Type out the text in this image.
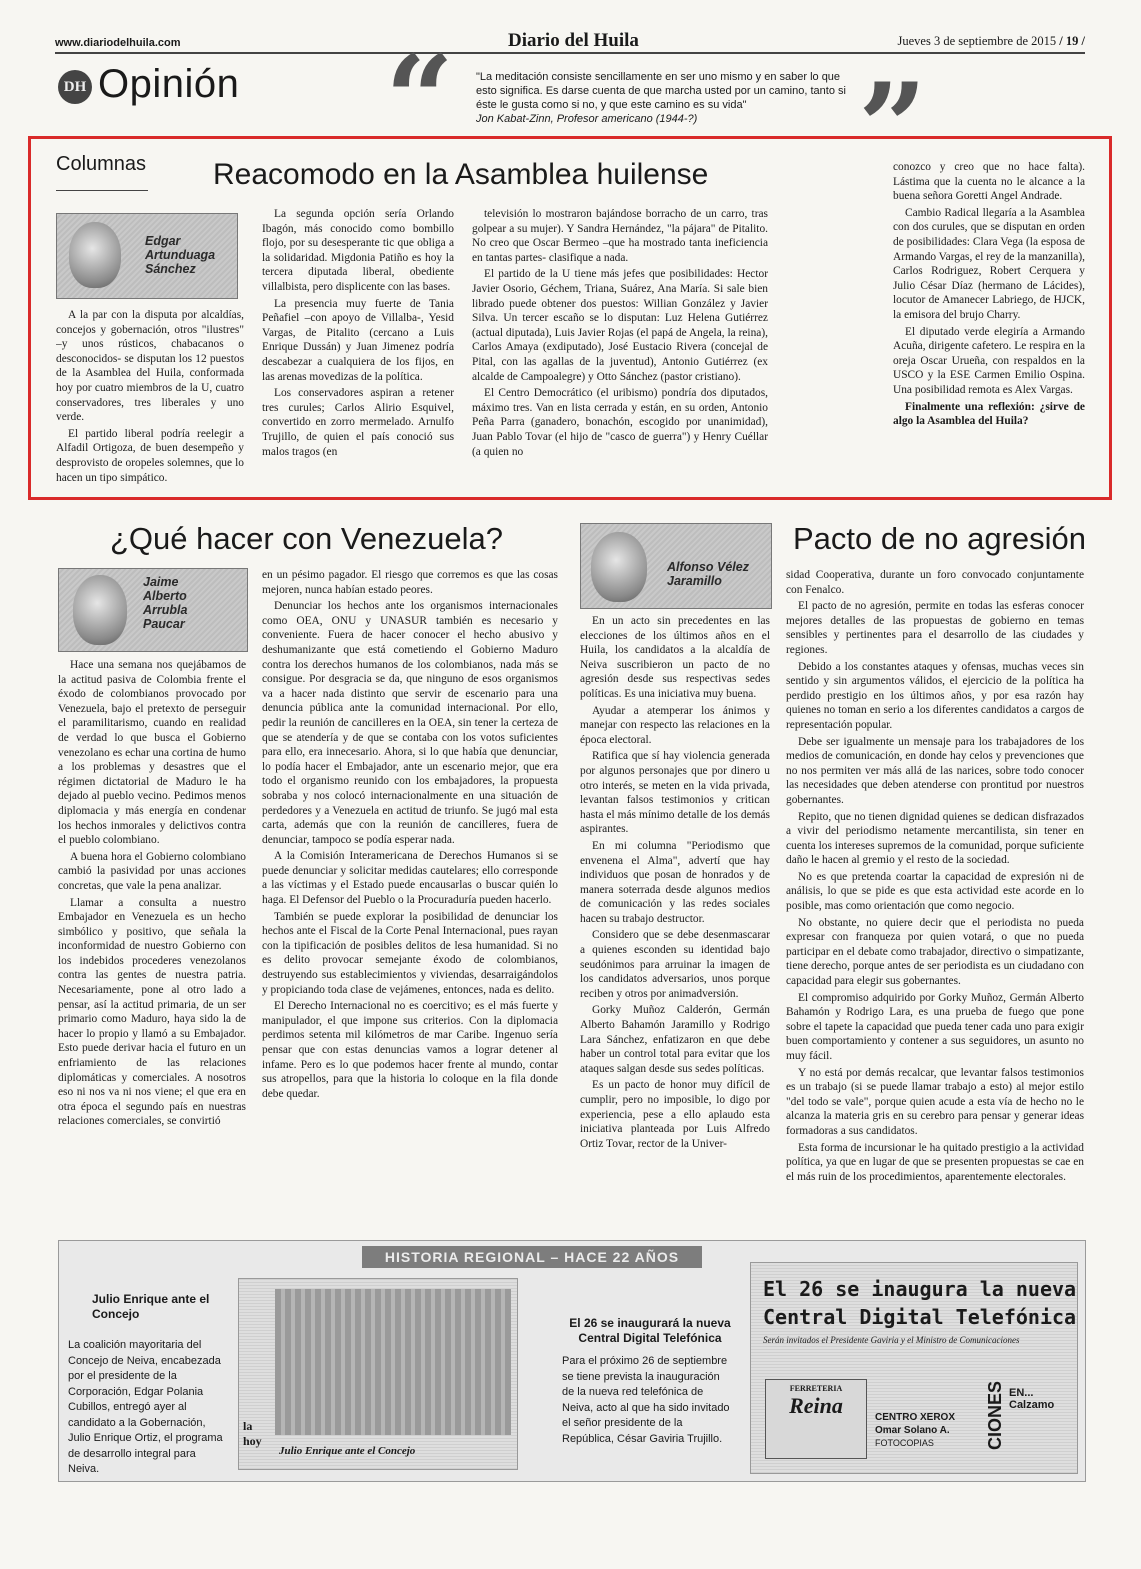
www.diariodelhuila.com	Diario del Huila	Jueves 3 de septiembre de 2015 / 19 /
DH Opinión “ "La meditación consiste sencillamente en ser uno mismo y en saber lo que esto significa. Es darse cuenta de que marcha usted por un camino, tanto si éste le gusta como si no, y que este camino es su vida"
Jon Kabat-Zinn, Profesor americano (1944-?)	”
Columnas Reacomodo en la Asamblea huilense
Edgar
Artunduaga
Sánchez

A la par con la disputa por alcaldías, concejos y gobernación, otros "ilustres" –y unos rústicos, chabacanos o desconocidos- se disputan los 12 puestos de la Asamblea del Huila, conformada hoy por cuatro miembros de la U, cuatro conservadores, tres liberales y uno verde.

El partido liberal podría reelegir a Alfadil Ortigoza, de buen desempeño y desprovisto de oropeles solemnes, que lo hacen un tipo simpático.

La segunda opción sería Orlando Ibagón, más conocido como bombillo flojo, por su desesperante tic que obliga a la solidaridad. Migdonia Patiño es hoy la tercera diputada liberal, obediente villalbista, pero displicente con las bases.

La presencia muy fuerte de Tania Peñafiel –con apoyo de Villalba-, Yesid Vargas, de Pitalito (cercano a Luis Enrique Dussán) y Juan Jimenez podría descabezar a cualquiera de los fijos, en las arenas movedizas de la política.

Los conservadores aspiran a retener tres curules; Carlos Alirio Esquivel, convertido en zorro mermelado. Arnulfo Trujillo, de quien el país conoció sus malos tragos (en

televisión lo mostraron bajándose borracho de un carro, tras golpear a su mujer). Y Sandra Hernández, "la pájara" de Pitalito. No creo que Oscar Bermeo –que ha mostrado tanta ineficiencia en tantas partes- clasifique a nada.

El partido de la U tiene más jefes que posibilidades: Hector Javier Osorio, Géchem, Triana, Suárez, Ana María. Si sale bien librado puede obtener dos puestos: Willian González y Javier Silva. Un tercer escaño se lo disputan: Luz Helena Gutiérrez (actual diputada), Luis Javier Rojas (el papá de Angela, la reina), Carlos Amaya (exdiputado), José Eustacio Rivera (concejal de Pital, con las agallas de la juventud), Antonio Gutiérrez (ex alcalde de Campoalegre) y Otto Sánchez (pastor cristiano).

El Centro Democrático (el uribismo) pondría dos diputados, máximo tres. Van en lista cerrada y están, en su orden, Antonio Peña Parra (ganadero, bonachón, escogido por unanimidad), Juan Pablo Tovar (el hijo de "casco de guerra") y Henry Cuéllar (a quien no

conozco y creo que no hace falta). Lástima que la cuenta no le alcance a la buena señora Goretti Angel Andrade.

Cambio Radical llegaría a la Asamblea con dos curules, que se disputan en orden de posibilidades: Clara Vega (la esposa de Armando Vargas, el rey de la manzanilla), Carlos Rodriguez, Robert Cerquera y Julio César Díaz (hermano de Lácides), locutor de Amanecer Labriego, de HJCK, la emisora del brujo Charry.

El diputado verde elegiría a Armando Acuña, dirigente cafetero. Le respira en la oreja Oscar Urueña, con respaldos en la USCO y la ESE Carmen Emilio Ospina. Una posibilidad remota es Alex Vargas.

Finalmente una reflexión: ¿sirve de algo la Asamblea del Huila?

¿Qué hacer con Venezuela?
Jaime
Alberto
Arrubla
Paucar

Hace una semana nos quejábamos de la actitud pasiva de Colombia frente el éxodo de colombianos provocado por Venezuela, bajo el pretexto de perseguir el paramilitarismo, cuando en realidad de verdad lo que busca el Gobierno venezolano es echar una cortina de humo a los problemas y desastres que el régimen dictatorial de Maduro le ha dejado al pueblo vecino. Pedimos menos diplomacia y más energía en condenar los hechos inmorales y delictivos contra el pueblo colombiano.

A buena hora el Gobierno colombiano cambió la pasividad por unas acciones concretas, que vale la pena analizar.

Llamar a consulta a nuestro Embajador en Venezuela es un hecho simbólico y positivo, que señala la inconformidad de nuestro Gobierno con los indebidos procederes venezolanos contra las gentes de nuestra patria. Necesariamente, pone al otro lado a pensar, así la actitud primaria, de un ser primario como Maduro, haya sido la de hacer lo propio y llamó a su Embajador. Esto puede derivar hacia el futuro en un enfriamiento de las relaciones diplomáticas y comerciales. A nosotros eso ni nos va ni nos viene; el que era en otra época el segundo país en nuestras relaciones comerciales, se convirtió

en un pésimo pagador. El riesgo que corremos es que las cosas mejoren, nunca habían estado peores.

Denunciar los hechos ante los organismos internacionales como OEA, ONU y UNASUR también es necesario y conveniente. Fuera de hacer conocer el hecho abusivo y deshumanizante que está cometiendo el Gobierno Maduro contra los derechos humanos de los colombianos, nada más se consigue. Por desgracia se da, que ninguno de esos organismos va a hacer nada distinto que servir de escenario para una denuncia pública ante la comunidad internacional. Por ello, pedir la reunión de cancilleres en la OEA, sin tener la certeza de que se atendería y de que se contaba con los votos suficientes para ello, era innecesario. Ahora, si lo que había que denunciar, lo podía hacer el Embajador, ante un escenario mejor, que era todo el organismo reunido con los embajadores, la propuesta sobraba y nos colocó internacionalmente en una situación de perdedores y a Venezuela en actitud de triunfo. Se jugó mal esta carta, además que con la reunión de cancilleres, fuera de denunciar, tampoco se podía esperar nada.

A la Comisión Interamericana de Derechos Humanos si se puede denunciar y solicitar medidas cautelares; ello corresponde a las víctimas y el Estado puede encausarlas o buscar quién lo haga. El Defensor del Pueblo o la Procuraduría pueden hacerlo.

También se puede explorar la posibilidad de denunciar los hechos ante el Fiscal de la Corte Penal Internacional, pues rayan con la tipificación de posibles delitos de lesa humanidad. Si no es delito provocar semejante éxodo de colombianos, destruyendo sus establecimientos y viviendas, desarraigándolos y propiciando toda clase de vejámenes, entonces, nada es delito.

El Derecho Internacional no es coercitivo; es el más fuerte y manipulador, el que impone sus criterios. Con la diplomacia perdimos setenta mil kilómetros de mar Caribe. Ingenuo sería pensar que con estas denuncias vamos a lograr detener al infame. Pero es lo que podemos hacer frente al mundo, contar sus atropellos, para que la historia lo coloque en la fila donde debe quedar.

Alfonso Vélez
Jaramillo
Pacto de no agresión

En un acto sin precedentes en las elecciones de los últimos años en el Huila, los candidatos a la alcaldía de Neiva suscribieron un pacto de no agresión desde sus respectivas sedes políticas. Es una iniciativa muy buena.

Ayudar a atemperar los ánimos y manejar con respecto las relaciones en la época electoral.

Ratifica que sí hay violencia generada por algunos personajes que por dinero u otro interés, se meten en la vida privada, levantan falsos testimonios y critican hasta el más mínimo detalle de los demás aspirantes.

En mi columna "Periodismo que envenena el Alma", advertí que hay individuos que posan de honrados y de manera soterrada desde algunos medios de comunicación y las redes sociales hacen su trabajo destructor.

Considero que se debe desenmascarar a quienes esconden su identidad bajo seudónimos para arruinar la imagen de los candidatos adversarios, unos porque reciben y otros por animadversión.

Gorky Muñoz Calderón, Germán Alberto Bahamón Jaramillo y Rodrigo Lara Sánchez, enfatizaron en que debe haber un control total para evitar que los ataques salgan desde sus sedes políticas.

Es un pacto de honor muy difícil de cumplir, pero no imposible, lo digo por experiencia, pese a ello aplaudo esta iniciativa planteada por Luis Alfredo Ortiz Tovar, rector de la Univer-

sidad Cooperativa, durante un foro convocado conjuntamente con Fenalco.

El pacto de no agresión, permite en todas las esferas conocer mejores detalles de las propuestas de gobierno en temas sensibles y pertinentes para el desarrollo de las ciudades y regiones.

Debido a los constantes ataques y ofensas, muchas veces sin sentido y sin argumentos válidos, el ejercicio de la política ha perdido prestigio en los últimos años, y por esa razón hay quienes no toman en serio a los diferentes candidatos a cargos de representación popular.

Debe ser igualmente un mensaje para los trabajadores de los medios de comunicación, en donde hay celos y prevenciones que no nos permiten ver más allá de las narices, sobre todo conocer las necesidades que deben atenderse con prontitud por nuestros gobernantes.

Repito, que no tienen dignidad quienes se dedican disfrazados a vivir del periodismo netamente mercantilista, sin tener en cuenta los intereses supremos de la comunidad, porque suficiente daño le hacen al gremio y el resto de la sociedad.

No es que pretenda coartar la capacidad de expresión ni de análisis, lo que se pide es que esta actividad este acorde en lo posible, mas como orientación que como negocio.

No obstante, no quiere decir que el periodista no pueda expresar con franqueza por quien votará, o que no pueda participar en el debate como trabajador, directivo o simpatizante, tiene derecho, porque antes de ser periodista es un ciudadano con capacidad para elegir sus gobernantes.

El compromiso adquirido por Gorky Muñoz, Germán Alberto Bahamón y Rodrigo Lara, es una prueba de fuego que pone sobre el tapete la capacidad que pueda tener cada uno para exigir buen comportamiento y contener a sus seguidores, un asunto no muy fácil.

Y no está por demás recalcar, que levantar falsos testimonios es un trabajo (si se puede llamar trabajo a esto) al mejor estilo "del todo se vale", porque quien acude a esta vía de hecho no le alcanza la materia gris en su cerebro para pensar y generar ideas formadoras a sus candidatos.

Esta forma de incursionar le ha quitado prestigio a la actividad política, ya que en lugar de que se presenten propuestas se cae en el más ruin de los procedimientos, aparentemente electorales.

HISTORIA REGIONAL – HACE 22 AÑOS
Julio Enrique ante el Concejo
La coalición mayoritaria del Concejo de Neiva, encabezada por el presidente de la Corporación, Edgar Polania Cubillos, entregó ayer al candidato a la Gobernación, Julio Enrique Ortiz, el programa de desarrollo integral para Neiva.
la hoy
Julio Enrique ante el Concejo
El 26 se inaugurará la nueva Central Digital Telefónica
Para el próximo 26 de septiembre se tiene prevista la inauguración de la nueva red telefónica de Neiva, acto al que ha sido invitado el señor presidente de la República, César Gaviria Trujillo.
El 26 se inaugura la nueva
Central Digital Telefónica
Serán invitados el Presidente Gaviria y el Ministro de Comunicaciones
FERRETERIA
Reina	CENTRO XEROX
Omar Solano A.
FOTOCOPIAS	CIONES EN... Calzamo
